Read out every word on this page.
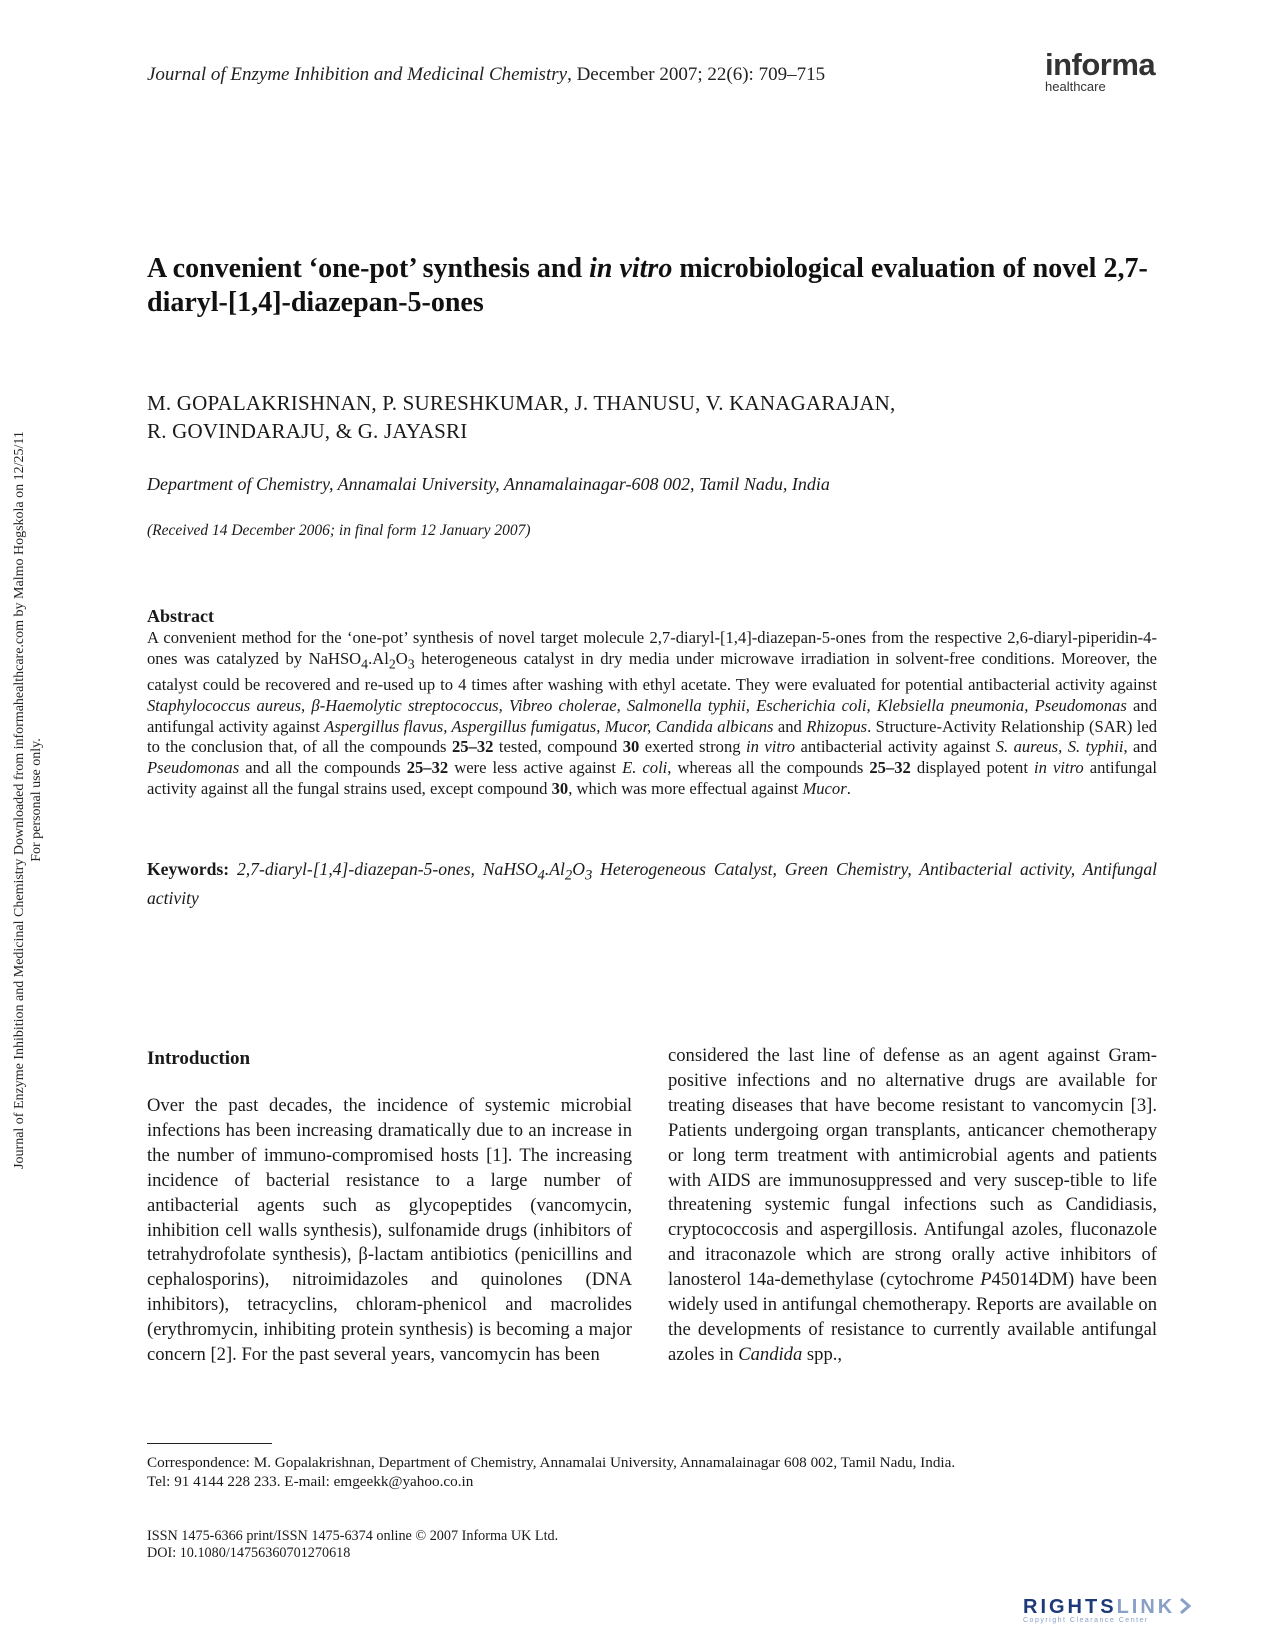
Journal of Enzyme Inhibition and Medicinal Chemistry, December 2007; 22(6): 709–715	informa
healthcare
Journal of Enzyme Inhibition and Medicinal Chemistry Downloaded from informahealthcare.com by Malmo Hogskola on 12/25/11 For personal use only.
A convenient ‘one-pot’ synthesis and in vitro microbiological evaluation of novel 2,7-diaryl-[1,4]-diazepan-5-ones
M. GOPALAKRISHNAN, P. SURESHKUMAR, J. THANUSU, V. KANAGARAJAN,
R. GOVINDARAJU, & G. JAYASRI
Department of Chemistry, Annamalai University, Annamalainagar-608 002, Tamil Nadu, India
(Received 14 December 2006; in final form 12 January 2007)
Abstract
A convenient method for the ‘one-pot’ synthesis of novel target molecule 2,7-diaryl-[1,4]-diazepan-5-ones from the respective 2,6-diaryl-piperidin-4-ones was catalyzed by $NaHSO_4.Al_2O_3$ heterogeneous catalyst in dry media under microwave irradiation in solvent-free conditions. Moreover, the catalyst could be recovered and re-used up to 4 times after washing with ethyl acetate. They were evaluated for potential antibacterial activity against Staphylococcus aureus, β-Haemolytic streptococcus, Vibreo cholerae, Salmonella typhii, Escherichia coli, Klebsiella pneumonia, Pseudomonas and antifungal activity against Aspergillus flavus, Aspergillus fumigatus, Mucor, Candida albicans and Rhizopus. Structure-Activity Relationship (SAR) led to the conclusion that, of all the compounds 25–32 tested, compound 30 exerted strong in vitro antibacterial activity against S. aureus, S. typhii, and Pseudomonas and all the compounds 25–32 were less active against E. coli, whereas all the compounds 25–32 displayed potent in vitro antifungal activity against all the fungal strains used, except compound 30, which was more effectual against Mucor.
Keywords: 2,7-diaryl-[1,4]-diazepan-5-ones, $NaHSO_4.Al_2O_3$ Heterogeneous Catalyst, Green Chemistry, Antibacterial activity, Antifungal activity
Introduction
Over the past decades, the incidence of systemic microbial infections has been increasing dramatically due to an increase in the number of immuno-compromised hosts [1]. The increasing incidence of bacterial resistance to a large number of antibacterial agents such as glycopeptides (vancomycin, inhibition cell walls synthesis), sulfonamide drugs (inhibitors of tetrahydrofolate synthesis), β-lactam antibiotics (penicillins and cephalosporins), nitroimidazoles and quinolones (DNA inhibitors), tetracyclins, chloram-phenicol and macrolides (erythromycin, inhibiting protein synthesis) is becoming a major concern [2]. For the past several years, vancomycin has been
considered the last line of defense as an agent against Gram-positive infections and no alternative drugs are available for treating diseases that have become resistant to vancomycin [3]. Patients undergoing organ transplants, anticancer chemotherapy or long term treatment with antimicrobial agents and patients with AIDS are immunosuppressed and very suscep-tible to life threatening systemic fungal infections such as Candidiasis, cryptococcosis and aspergillosis. Antifungal azoles, fluconazole and itraconazole which are strong orally active inhibitors of lanosterol 14a-demethylase (cytochrome P45014DM) have been widely used in antifungal chemotherapy. Reports are available on the developments of resistance to currently available antifungal azoles in Candida spp.,
Correspondence: M. Gopalakrishnan, Department of Chemistry, Annamalai University, Annamalainagar 608 002, Tamil Nadu, India.
Tel: 91 4144 228 233. E-mail: emgeekk@yahoo.co.in
ISSN 1475-6366 print/ISSN 1475-6374 online © 2007 Informa UK Ltd.
DOI: 10.1080/14756360701270618
RIGHTSLINK
Copyright Clearance Center
